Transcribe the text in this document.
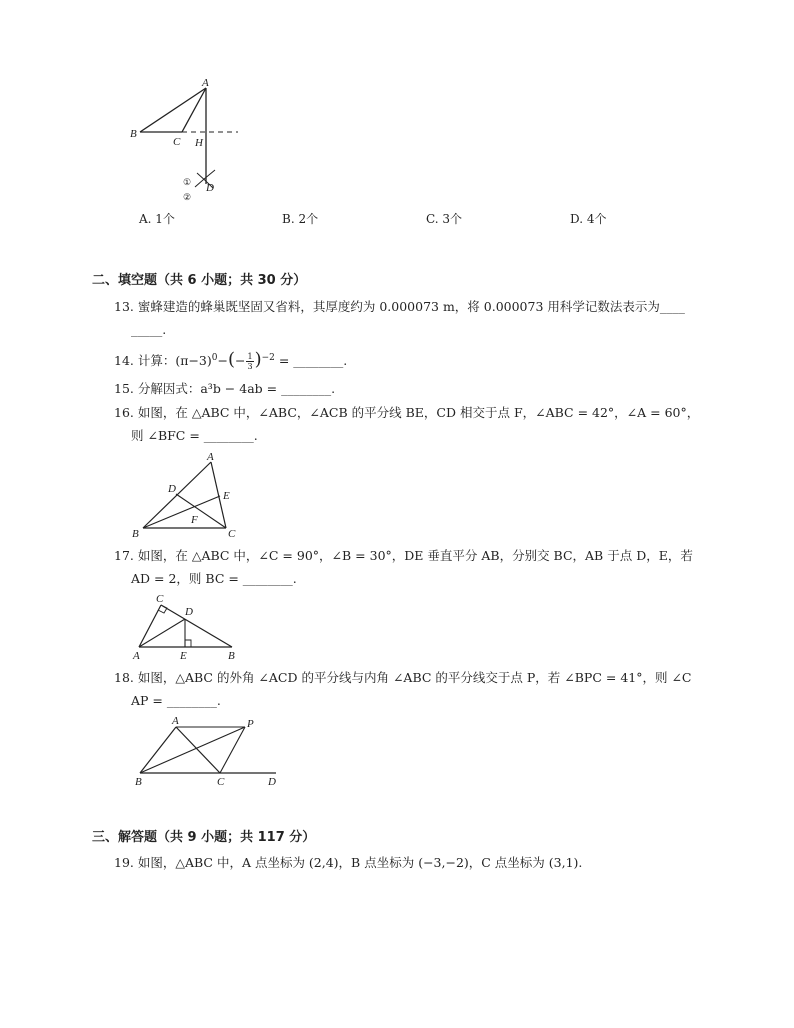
A
B
C H
D
①
②
A. 1个	B. 2个	C. 3个	D. 4个
二、填空题（共 6 小题；共 30 分）
13. 蜜蜂建造的蜂巢既坚固又省料，其厚度约为 0.000073 m，将 0.000073 用科学记数法表示为____
_____.
14. 计算：$(\pi-3)^0-(- \frac{1}{3} )^{-2}$ = ________.
15. 分解因式：a³b − 4ab = ________.
16. 如图，在 △ABC 中，∠ABC，∠ACB 的平分线 BE，CD 相交于点 F，∠ABC = 42°，∠A = 60°，
则 ∠BFC = ________.
A
B	C
D
E
F
17. 如图，在 △ABC 中，∠C = 90°，∠B = 30°，DE 垂直平分 AB，分别交 BC，AB 于点 D，E，若
AD = 2，则 BC = ________.
C
D
A	E	B
18. 如图，△ABC 的外角 ∠ACD 的平分线与内角 ∠ABC 的平分线交于点 P，若 ∠BPC = 41°，则 ∠C
AP = ________.
A	P
B	C	D
三、解答题（共 9 小题；共 117 分）
19. 如图，△ABC 中，A 点坐标为 (2,4)，B 点坐标为 (−3,−2)，C 点坐标为 (3,1).
